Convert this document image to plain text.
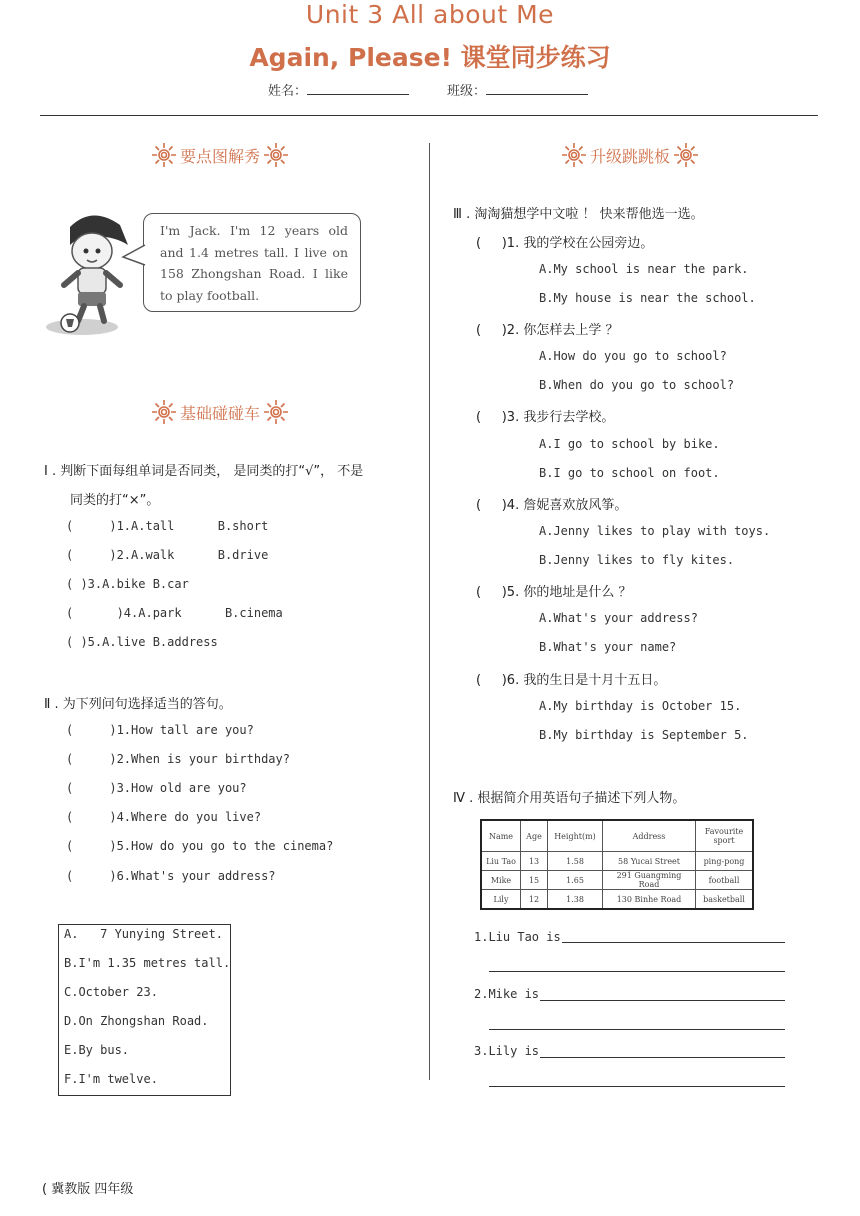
Unit 3 All about Me
Again, Please! 课堂同步练习
姓名：	班级：
要点图解秀
I'm Jack. I'm 12 years old and 1.4 metres tall. I live on 158 Zhongshan Road. I like to play football.
基础碰碰车
Ⅰ . 判断下面每组单词是否同类， 是同类的打“√”， 不是
同类的打“×”。
(     )1.A.tall      B.short
(     )2.A.walk      B.drive
( )3.A.bike B.car
(      )4.A.park      B.cinema
( )5.A.live B.address
Ⅱ . 为下列问句选择适当的答句。
(     )1.How tall are you?
(     )2.When is your birthday?
(     )3.How old are you?
(     )4.Where do you live?
(     )5.How do you go to the cinema?
(     )6.What's your address?
A.   7 Yunying Street.
B.I'm 1.35 metres tall.
C.October 23.
D.On Zhongshan Road.
E.By bus.
F.I'm twelve.
升级跳跳板
Ⅲ . 淘淘猫想学中文啦 ！ 快来帮他选一选。
(     )1. 我的学校在公园旁边。
A.My school is near the park.
B.My house is near the school.
(     )2. 你怎样去上学 ？
A.How do you go to school?
B.When do you go to school?
(     )3. 我步行去学校。
A.I go to school by bike.
B.I go to school on foot.
(     )4. 詹妮喜欢放风筝。
A.Jenny likes to play with toys.
B.Jenny likes to fly kites.
(     )5. 你的地址是什么 ？
A.What's your address?
B.What's your name?
(     )6. 我的生日是十月十五日。
A.My birthday is October 15.
B.My birthday is September 5.
Ⅳ . 根据简介用英语句子描述下列人物。
Name	Age	Height(m)	Address	Favourite sport
Liu Tao	13	1.58	58 Yucai Street	ping-pong
Mike	15	1.65	291 Guangming Road	football
Lily	12	1.38	130 Binhe Road	basketball
1.Liu Tao is
2.Mike is
3.Lily is
( 冀教版 四年级
